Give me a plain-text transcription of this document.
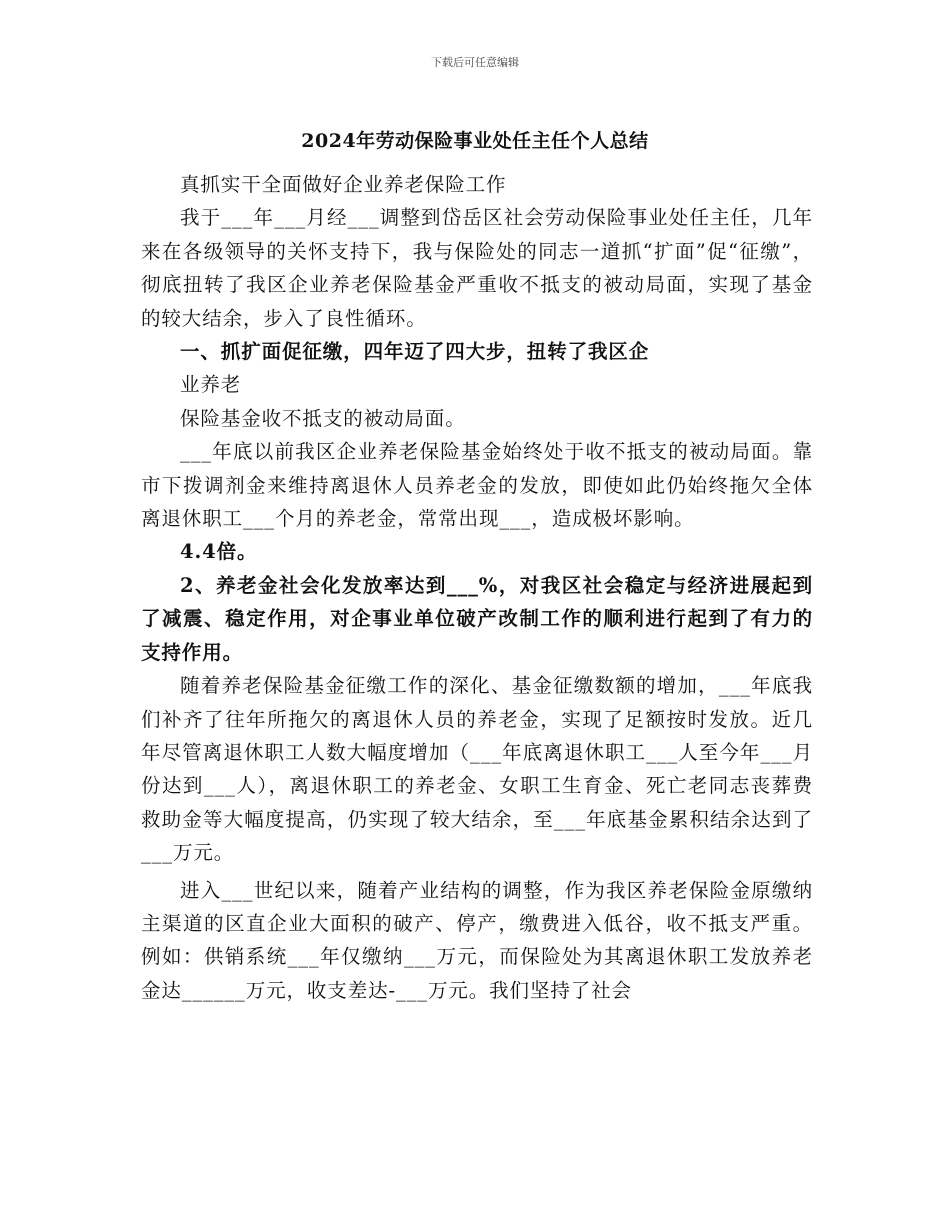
下载后可任意编辑
2024年劳动保险事业处任主任个人总结

真抓实干全面做好企业养老保险工作

我于___年___月经___调整到岱岳区社会劳动保险事业处任主任，几年来在各级领导的关怀支持下，我与保险处的同志一道抓“扩面”促“征缴”，彻底扭转了我区企业养老保险基金严重收不抵支的被动局面，实现了基金的较大结余，步入了良性循环。

一、抓扩面促征缴，四年迈了四大步，扭转了我区企

业养老

保险基金收不抵支的被动局面。

___年底以前我区企业养老保险基金始终处于收不抵支的被动局面。靠市下拨调剂金来维持离退休人员养老金的发放，即使如此仍始终拖欠全体离退休职工___个月的养老金，常常出现___，造成极坏影响。

4.4倍。

2、养老金社会化发放率达到___%，对我区社会稳定与经济进展起到了减震、稳定作用，对企事业单位破产改制工作的顺利进行起到了有力的支持作用。

随着养老保险基金征缴工作的深化、基金征缴数额的增加，___年底我们补齐了往年所拖欠的离退休人员的养老金，实现了足额按时发放。近几年尽管离退休职工人数大幅度增加（___年底离退休职工___人至今年___月份达到___人），离退休职工的养老金、女职工生育金、死亡老同志丧葬费救助金等大幅度提高，仍实现了较大结余，至___年底基金累积结余达到了___万元。

进入___世纪以来，随着产业结构的调整，作为我区养老保险金原缴纳主渠道的区直企业大面积的破产、停产，缴费进入低谷，收不抵支严重。例如：供销系统___年仅缴纳___万元，而保险处为其离退休职工发放养老金达______万元，收支差达-___万元。我们坚持了社会
